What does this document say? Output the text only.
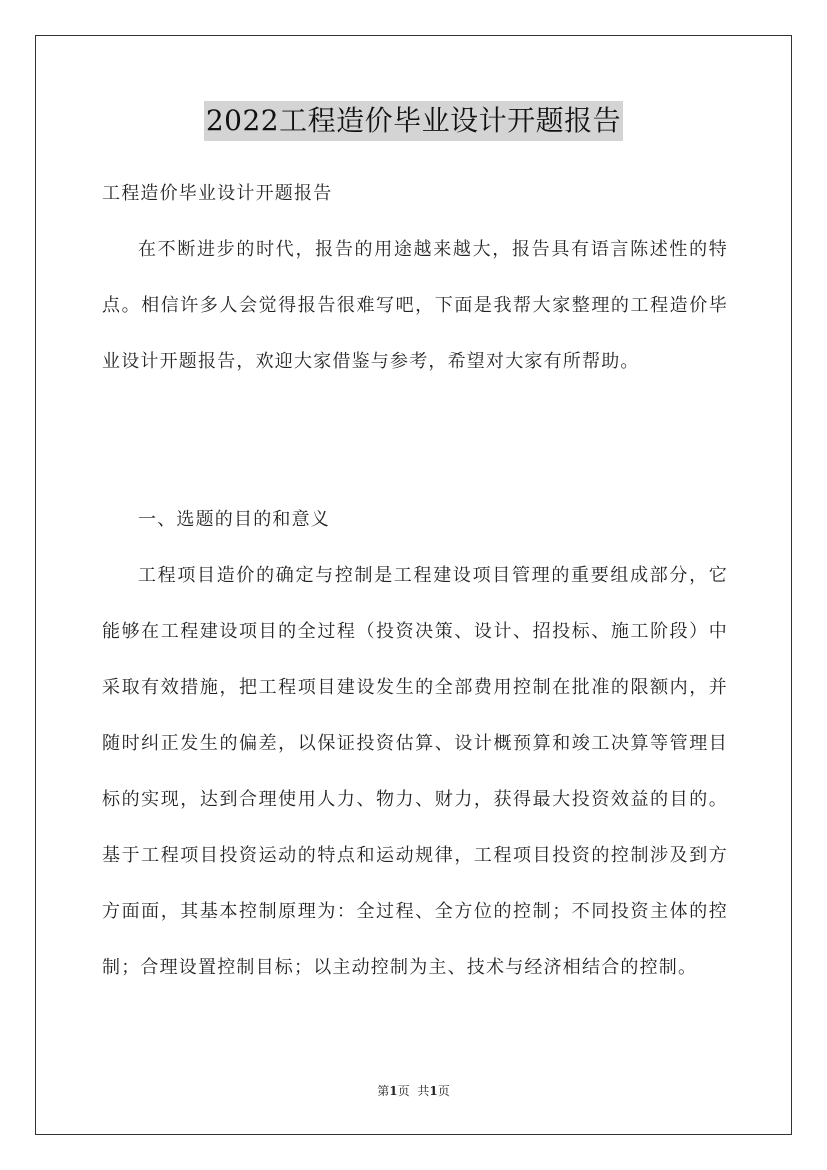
2022工程造价毕业设计开题报告
工程造价毕业设计开题报告

在不断进步的时代，报告的用途越来越大，报告具有语言陈述性的特点。相信许多人会觉得报告很难写吧，下面是我帮大家整理的工程造价毕业设计开题报告，欢迎大家借鉴与参考，希望对大家有所帮助。

一、选题的目的和意义

工程项目造价的确定与控制是工程建设项目管理的重要组成部分，它能够在工程建设项目的全过程（投资决策、设计、招投标、施工阶段）中采取有效措施，把工程项目建设发生的全部费用控制在批准的限额内，并随时纠正发生的偏差，以保证投资估算、设计概预算和竣工决算等管理目标的实现，达到合理使用人力、物力、财力，获得最大投资效益的目的。基于工程项目投资运动的特点和运动规律，工程项目投资的控制涉及到方方面面，其基本控制原理为：全过程、全方位的控制；不同投资主体的控制；合理设置控制目标；以主动控制为主、技术与经济相结合的控制。

第1页 共1页
